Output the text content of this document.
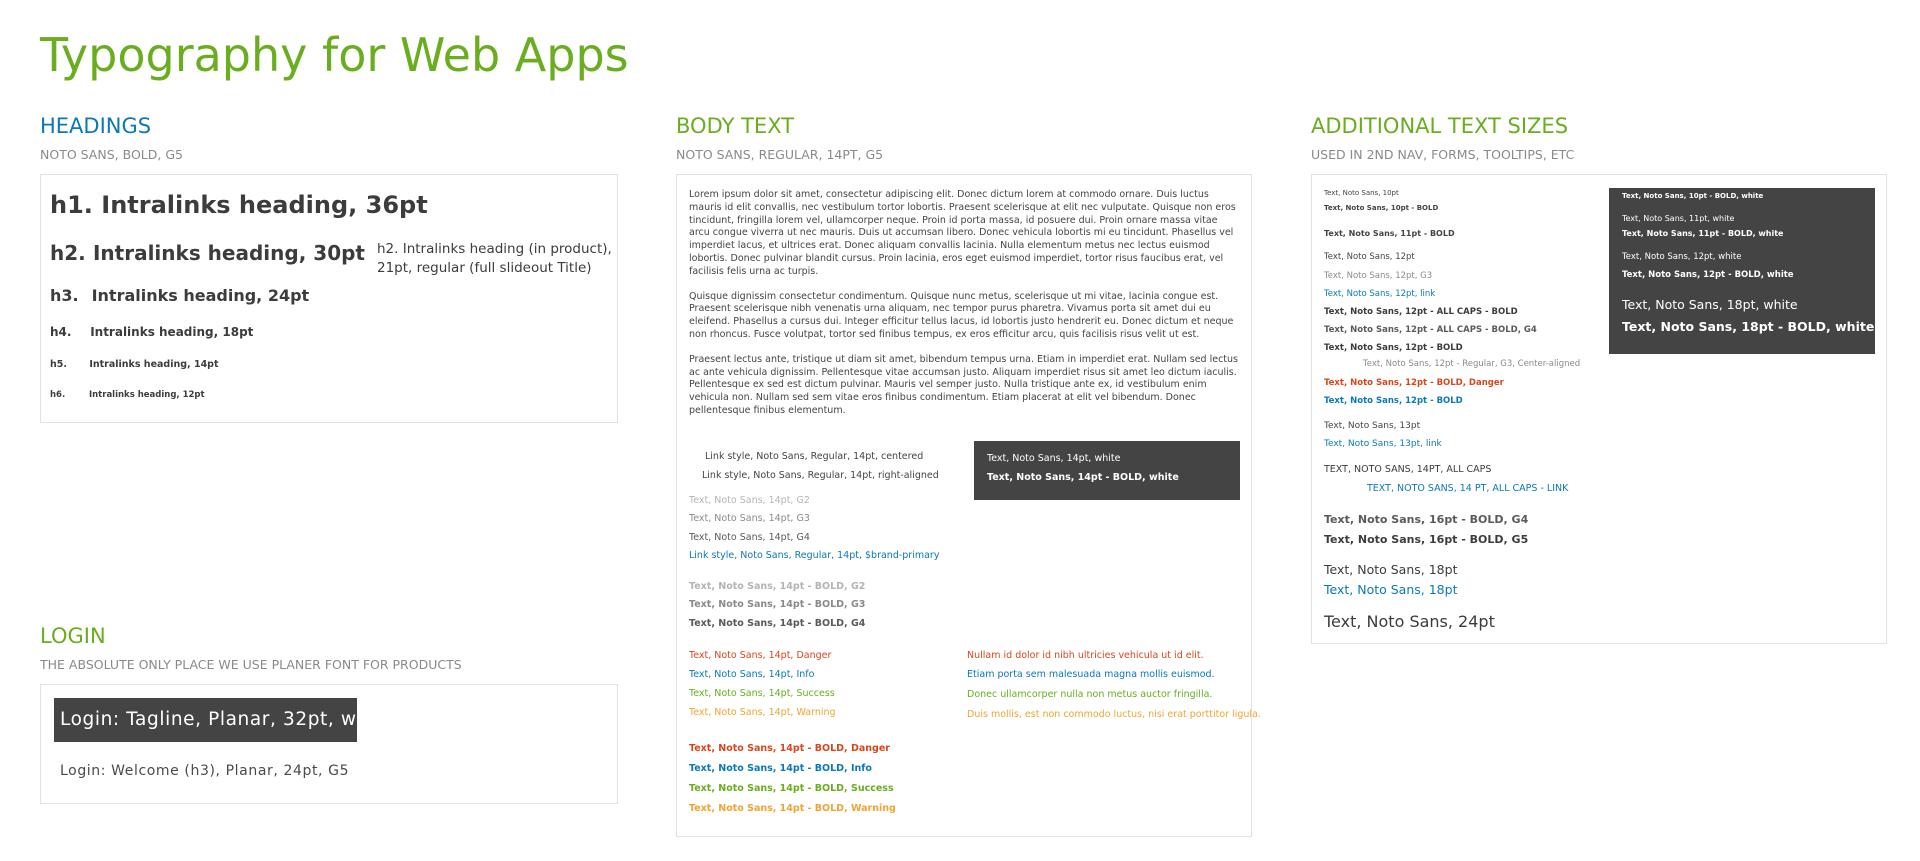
Typography for Web Apps
HEADINGS
NOTO SANS, BOLD, G5
h1. Intralinks heading, 36pt
h2. Intralinks heading, 30pt h2. Intralinks heading (in product),
21pt, regular (full slideout Title)
h3. Intralinks heading, 24pt
h4. Intralinks heading, 18pt
h5. Intralinks heading, 14pt
h6.	Intralinks heading, 12pt
LOGIN
THE ABSOLUTE ONLY PLACE WE USE PLANER FONT FOR PRODUCTS
Login: Tagline, Planar, 32pt, white
Login: Welcome (h3), Planar, 24pt, G5
BODY TEXT
NOTO SANS, REGULAR, 14PT, G5

Lorem ipsum dolor sit amet, consectetur adipiscing elit. Donec dictum lorem at commodo ornare. Duis luctus mauris id elit convallis, nec vestibulum tortor lobortis. Praesent scelerisque at elit nec vulputate. Quisque non eros tincidunt, fringilla lorem vel, ullamcorper neque. Proin id porta massa, id posuere dui. Proin ornare massa vitae arcu congue viverra ut nec mauris. Duis ut accumsan libero. Donec vehicula lobortis mi eu tincidunt. Phasellus vel imperdiet lacus, et ultrices erat. Donec aliquam convallis lacinia. Nulla elementum metus nec lectus euismod lobortis. Donec pulvinar blandit cursus. Proin lacinia, eros eget euismod imperdiet, tortor risus faucibus erat, vel facilisis felis urna ac turpis.

Quisque dignissim consectetur condimentum. Quisque nunc metus, scelerisque ut mi vitae, lacinia congue est. Praesent scelerisque nibh venenatis urna aliquam, nec tempor purus pharetra. Vivamus porta sit amet dui eu eleifend. Phasellus a cursus dui. Integer efficitur tellus lacus, id lobortis justo hendrerit eu. Donec dictum et neque non rhoncus. Fusce volutpat, tortor sed finibus tempus, ex eros efficitur arcu, quis facilisis risus velit ut est.

Praesent lectus ante, tristique ut diam sit amet, bibendum tempus urna. Etiam in imperdiet erat. Nullam sed lectus ac ante vehicula dignissim. Pellentesque vitae accumsan justo. Aliquam imperdiet risus sit amet leo dictum iaculis. Pellentesque ex sed est dictum pulvinar. Mauris vel semper justo. Nulla tristique ante ex, id vestibulum enim vehicula non. Nullam sed sem vitae eros finibus condimentum. Etiam placerat at elit vel bibendum. Donec pellentesque finibus elementum.

Link style, Noto Sans, Regular, 14pt, centered
Link style, Noto Sans, Regular, 14pt, right-aligned
Text, Noto Sans, 14pt, white
Text, Noto Sans, 14pt - BOLD, white
Text, Noto Sans, 14pt, G2
Text, Noto Sans, 14pt, G3
Text, Noto Sans, 14pt, G4
Link style, Noto Sans, Regular, 14pt, $brand-primary
Text, Noto Sans, 14pt - BOLD, G2
Text, Noto Sans, 14pt - BOLD, G3
Text, Noto Sans, 14pt - BOLD, G4
Text, Noto Sans, 14pt, Danger
Text, Noto Sans, 14pt, Info
Text, Noto Sans, 14pt, Success
Text, Noto Sans, 14pt, Warning
Nullam id dolor id nibh ultricies vehicula ut id elit.
Etiam porta sem malesuada magna mollis euismod.
Donec ullamcorper nulla non metus auctor fringilla.
Duis mollis, est non commodo luctus, nisi erat porttitor ligula.
Text, Noto Sans, 14pt - BOLD, Danger
Text, Noto Sans, 14pt - BOLD, Info
Text, Noto Sans, 14pt - BOLD, Success
Text, Noto Sans, 14pt - BOLD, Warning
ADDITIONAL TEXT SIZES
USED IN 2ND NAV, FORMS, TOOLTIPS, ETC
Text, Noto Sans, 10pt
Text, Noto Sans, 10pt - BOLD
Text, Noto Sans, 11pt - BOLD
Text, Noto Sans, 12pt
Text, Noto Sans, 12pt, G3
Text, Noto Sans, 12pt, link
Text, Noto Sans, 12pt - ALL CAPS - BOLD
Text, Noto Sans, 12pt - ALL CAPS - BOLD, G4
Text, Noto Sans, 12pt - BOLD
Text, Noto Sans, 12pt - Regular, G3, Center-aligned
Text, Noto Sans, 12pt - BOLD, Danger
Text, Noto Sans, 12pt - BOLD
Text, Noto Sans, 13pt
Text, Noto Sans, 13pt, link
TEXT, NOTO SANS, 14PT, ALL CAPS
TEXT, NOTO SANS, 14 PT, ALL CAPS - LINK
Text, Noto Sans, 16pt - BOLD, G4
Text, Noto Sans, 16pt - BOLD, G5
Text, Noto Sans, 18pt
Text, Noto Sans, 18pt
Text, Noto Sans, 24pt
Text, Noto Sans, 10pt - BOLD, white
Text, Noto Sans, 11pt, white
Text, Noto Sans, 11pt - BOLD, white
Text, Noto Sans, 12pt, white
Text, Noto Sans, 12pt - BOLD, white
Text, Noto Sans, 18pt, white
Text, Noto Sans, 18pt - BOLD, white
